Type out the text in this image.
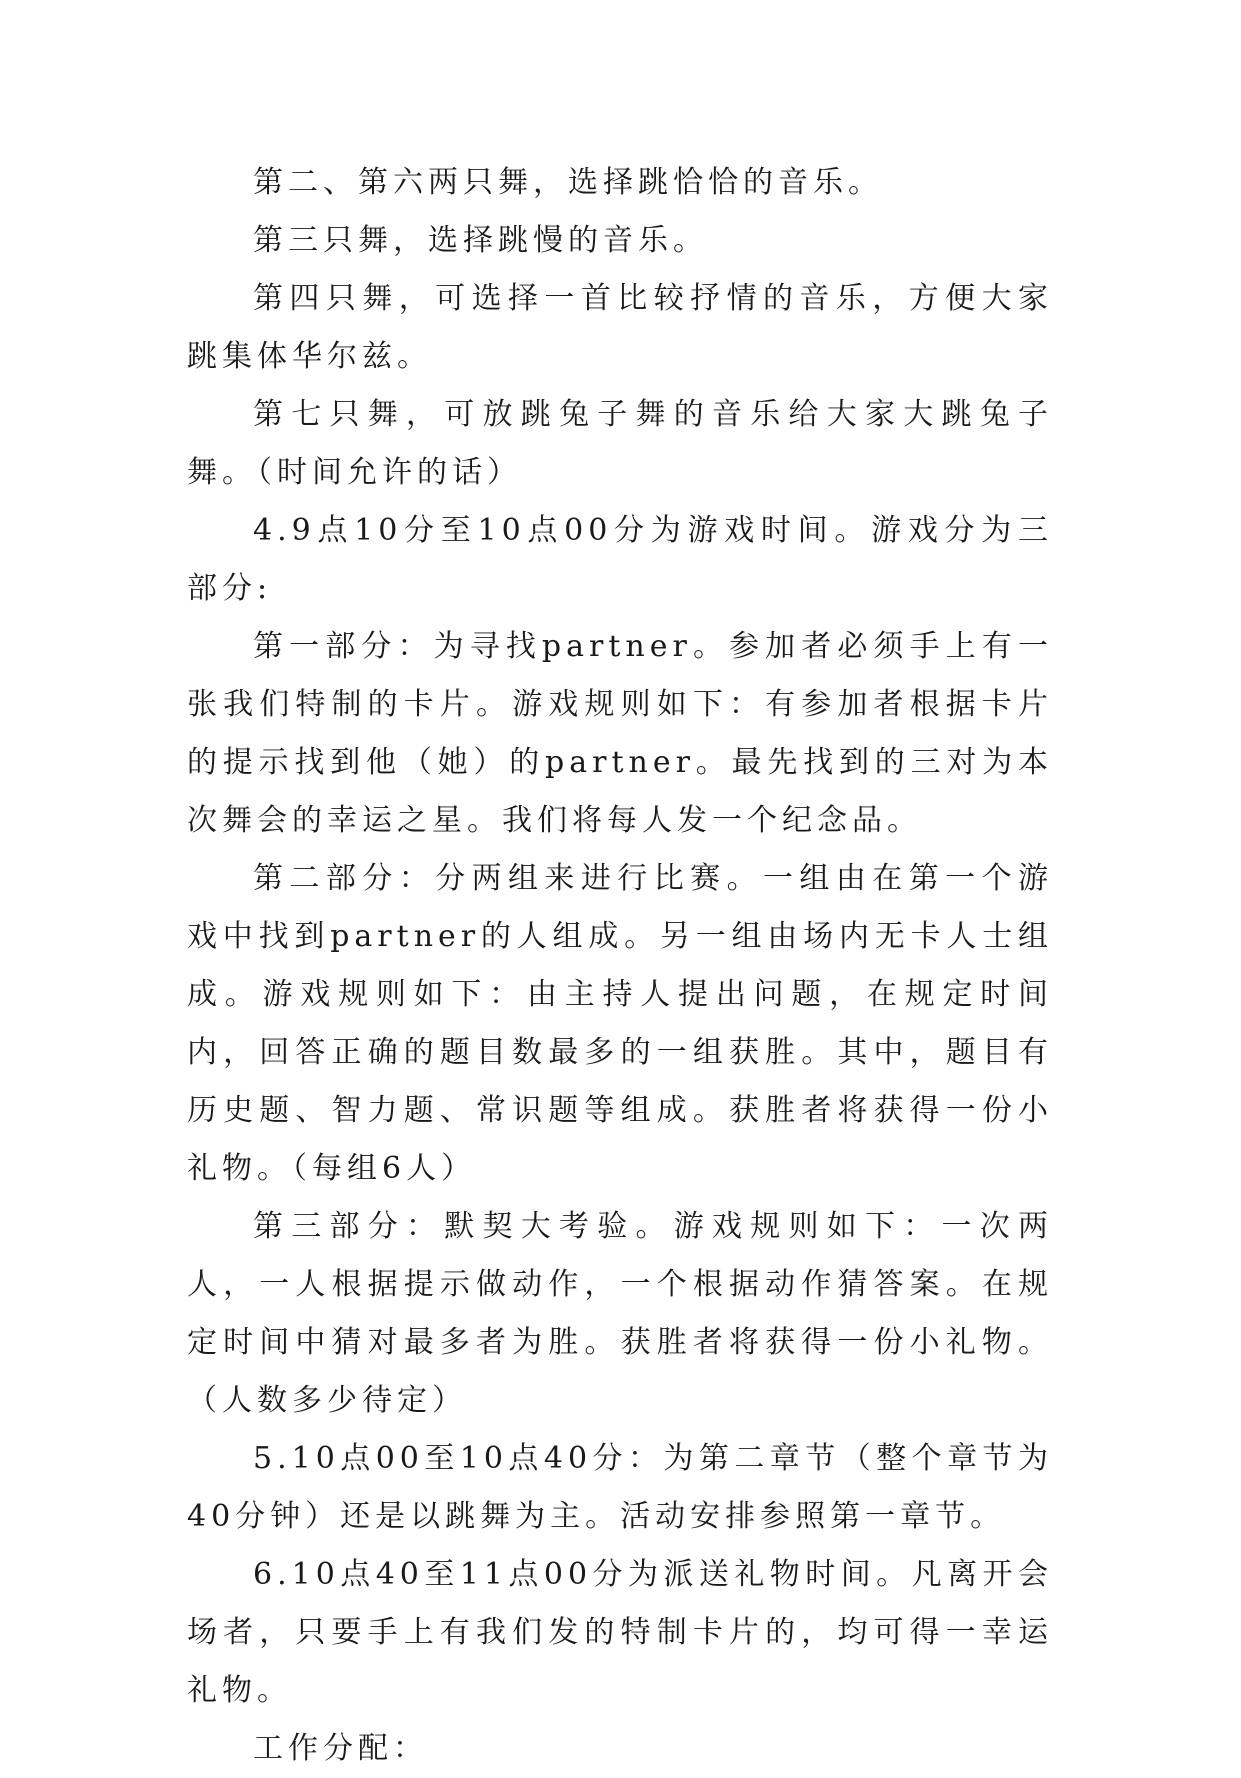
第二、第六两只舞，选择跳恰恰的音乐。

第三只舞，选择跳慢的音乐。

第四只舞，可选择一首比较抒情的音乐，方便大家跳集体华尔兹。

第七只舞，可放跳兔子舞的音乐给大家大跳兔子舞。（时间允许的话）

4.9点10分至10点00分为游戏时间。游戏分为三部分:

第一部分：为寻找partner。参加者必须手上有一张我们特制的卡片。游戏规则如下：有参加者根据卡片的提示找到他（她）的partner。最先找到的三对为本次舞会的幸运之星。我们将每人发一个纪念品。

第二部分：分两组来进行比赛。一组由在第一个游戏中找到partner的人组成。另一组由场内无卡人士组成。游戏规则如下：由主持人提出问题，在规定时间内，回答正确的题目数最多的一组获胜。其中，题目有历史题、智力题、常识题等组成。获胜者将获得一份小礼物。（每组6人）

第三部分：默契大考验。游戏规则如下：一次两人，一人根据提示做动作，一个根据动作猜答案。在规定时间中猜对最多者为胜。获胜者将获得一份小礼物。（人数多少待定）

5.10点00至10点40分：为第二章节（整个章节为40分钟）还是以跳舞为主。活动安排参照第一章节。

6.10点40至11点00分为派送礼物时间。凡离开会场者，只要手上有我们发的特制卡片的，均可得一幸运礼物。

工作分配：
